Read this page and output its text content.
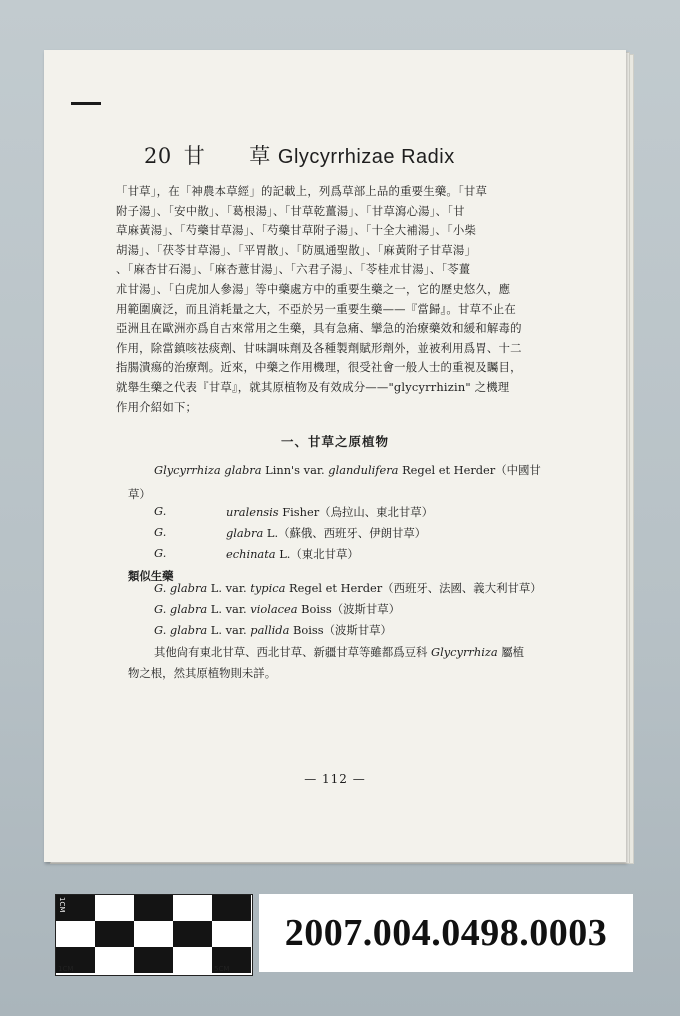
20 甘 草 Glycyrrhizae Radix

「甘草」，在「神農本草經」的記載上，列爲草部上品的重要生藥。「甘草

附子湯」、「安中散」、「葛根湯」、「甘草乾薑湯」、「甘草瀉心湯」、「甘

草麻黃湯」、「芍藥甘草湯」、「芍藥甘草附子湯」、「十全大補湯」、「小柴

胡湯」、「茯苓甘草湯」、「平胃散」、「防風通聖散」、「麻黃附子甘草湯」

、「麻杏甘石湯」、「麻杏薏甘湯」、「六君子湯」、「苓桂朮甘湯」、「苓薑

朮甘湯」、「白虎加人參湯」等中藥處方中的重要生藥之一，它的歷史悠久，應

用範圍廣泛，而且消耗量之大，不亞於另一重要生藥——『當歸』。甘草不止在

亞洲且在歐洲亦爲自古來常用之生藥，具有急痛、攣急的治療藥效和緩和解毒的

作用，除當鎮咳祛痰劑、甘味調味劑及各種製劑賦形劑外，並被利用爲胃、十二

指腸潰瘍的治療劑。近來，中藥之作用機理，很受社會一般人士的重視及矚目，

就舉生藥之代表『甘草』，就其原植物及有效成分——"glycyrrhizin" 之機理

作用介紹如下；

一、甘草之原植物
Glycyrrhiza glabra Linn's var. glandulifera Regel et Herder（中國甘
草）
G.	uralensis Fisher（烏拉山、東北甘草）
G.	glabra L.（蘇俄、西班牙、伊朗甘草）
G.	echinata L.（東北甘草）
類似生藥
G. glabra L. var. typica Regel et Herder（西班牙、法國、義大利甘草）
G. glabra L. var. violacea Boiss（波斯甘草）
G. glabra L. var. pallida Boiss（波斯甘草）
其他尙有東北甘草、西北甘草、新疆甘草等雖都爲豆科 Glycyrrhiza 屬植
物之根，然其原植物則未詳。
— 112 —
1CM
1CM	5CM
2007.004.0498.0003
